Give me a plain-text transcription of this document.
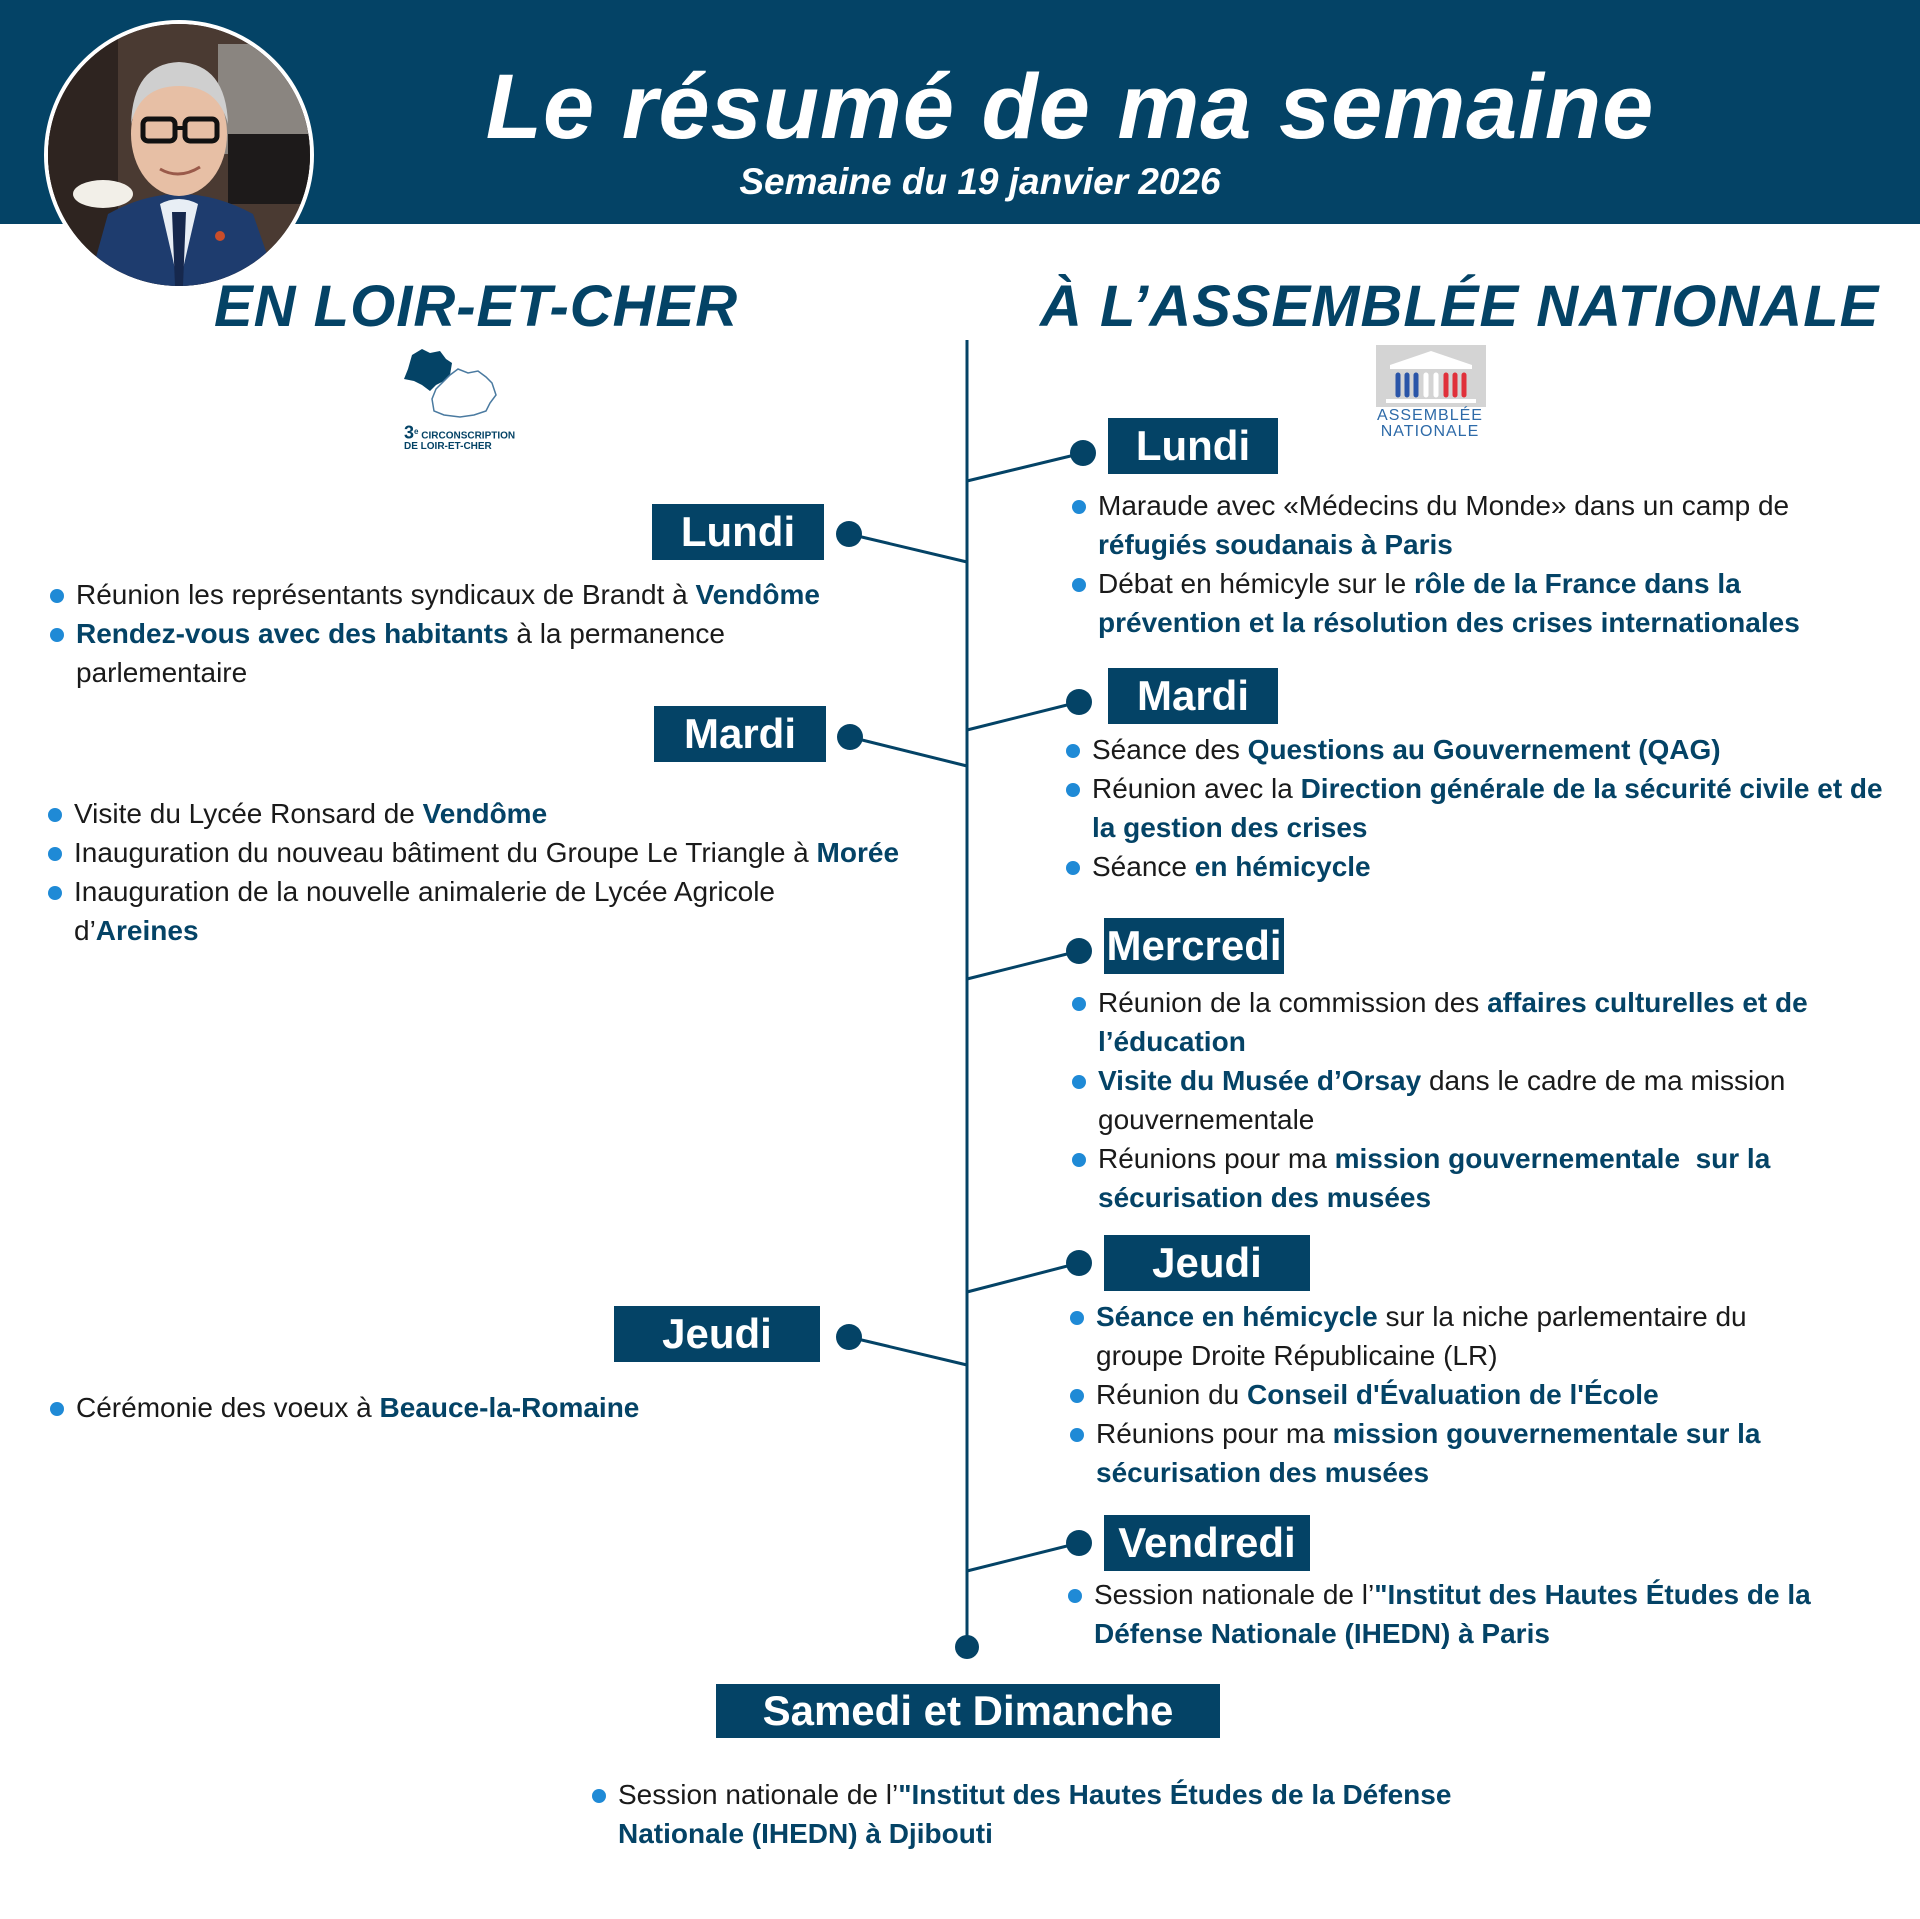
Le résumé de ma semaine
Semaine du 19 janvier 2026
EN LOIR-ET-CHER	À L’ASSEMBLÉE NATIONALE
3e CIRCONSCRIPTION
DE LOIR-ET-CHER
ASSEMBLÉE
NATIONALE
Lundi
Réunion les représentants syndicaux de Brandt à Vendôme
Rendez-vous avec des habitants à la permanence parlementaire
Mardi
Visite du Lycée Ronsard de Vendôme
Inauguration du nouveau bâtiment du Groupe Le Triangle à Morée
Inauguration de la nouvelle animalerie de Lycée Agricole d’Areines
Jeudi
Cérémonie des voeux à Beauce-la-Romaine
Lundi
Maraude avec «Médecins du Monde» dans un camp de réfugiés soudanais à Paris
Débat en hémicyle sur le rôle de la France dans la prévention et la résolution des crises internationales
Mardi
Séance des Questions au Gouvernement (QAG)
Réunion avec la Direction générale de la sécurité civile et de la gestion des crises
Séance en hémicycle
Mercredi
Réunion de la commission des affaires culturelles et de l’éducation
Visite du Musée d’Orsay dans le cadre de ma mission gouvernementale
Réunions pour ma mission gouvernementale  sur la sécurisation des musées
Jeudi
Séance en hémicycle sur la niche parlementaire du groupe Droite Républicaine (LR)
Réunion du Conseil d'Évaluation de l'École
Réunions pour ma mission gouvernementale sur la sécurisation des musées
Vendredi
Session nationale de l’"Institut des Hautes Études de la Défense Nationale (IHEDN) à Paris
Samedi et Dimanche
Session nationale de l’"Institut des Hautes Études de la Défense Nationale (IHEDN) à Djibouti
